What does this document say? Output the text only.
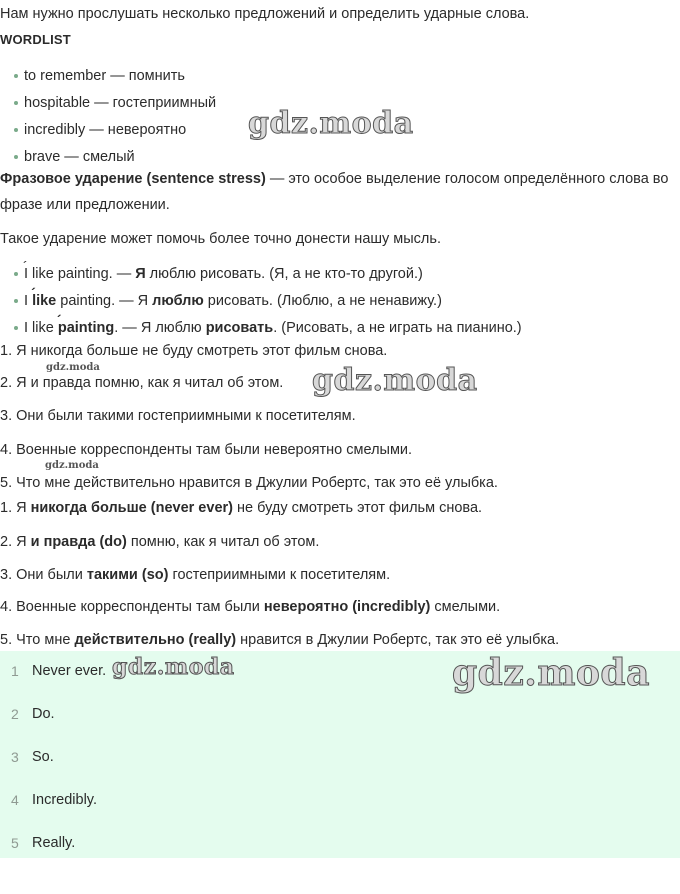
Нам нужно прослушать несколько предложений и определить ударные слова.
WORDLIST
to remember — помнить
hospitable — гостеприимный
incredibly — невероятно
brave — смелый
Фразовое ударение (sentence stress) — это особое выделение голосом определённого слова во фразе или предложении.
Такое ударение может помочь более точно донести нашу мысль.
´ I like painting. — Я люблю рисовать. (Я, а не кто-то другой.)
I ´ like painting. — Я люблю рисовать. (Люблю, а не ненавижу.)
I like ´ painting. — Я люблю рисовать. (Рисовать, а не играть на пианино.)
1. Я никогда больше не буду смотреть этот фильм снова.
2. Я и правда помню, как я читал об этом.
3. Они были такими гостеприимными к посетителям.
4. Военные корреспонденты там были невероятно смелыми.
5. Что мне действительно нравится в Джулии Робертс, так это её улыбка.
1. Я никогда больше (never ever) не буду смотреть этот фильм снова.
2. Я и правда (do) помню, как я читал об этом.
3. Они были такими (so) гостеприимными к посетителям.
4. Военные корреспонденты там были невероятно (incredibly) смелыми.
5. Что мне действительно (really) нравится в Джулии Робертс, так это её улыбка.
1 Never ever.
2 Do.
3 So.
4 Incredibly.
5 Really.
gdz.moda
gdz.moda
gdz.moda	gdz.moda
gdz.moda
gdz.moda
